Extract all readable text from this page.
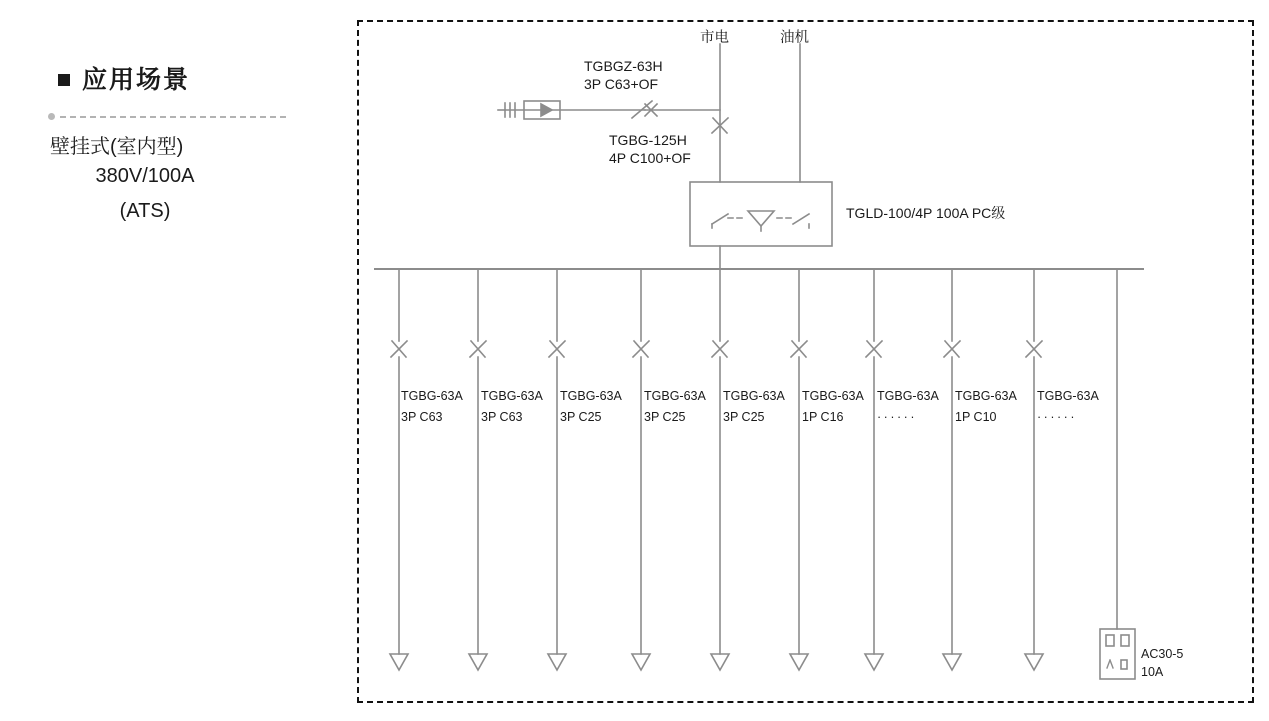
应用场景
壁挂式(室内型)
380V/100A
(ATS)
市电	油机
TGBGZ-63H
3P C63+OF
TGBG-125H
4P C100+OF
TGLD-100/4P 100A PC级
TGBG-63A
3P C63
TGBG-63A
3P C63
TGBG-63A
3P C25
TGBG-63A
3P C25
TGBG-63A
3P C25
TGBG-63A
1P C16
TGBG-63A
······
TGBG-63A
1P C10
TGBG-63A
······
AC30-5
10A
